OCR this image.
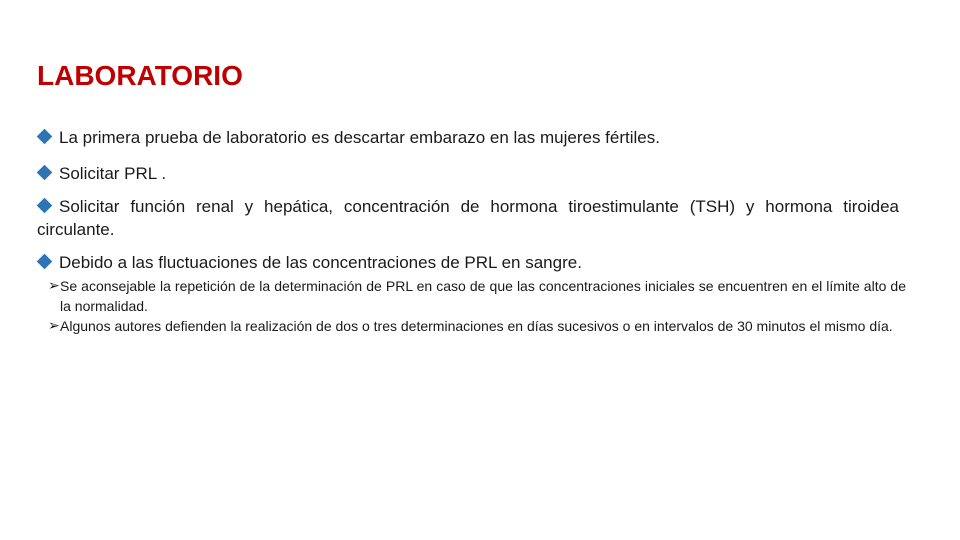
LABORATORIO
La primera prueba de laboratorio es descartar embarazo en las mujeres fértiles.
Solicitar PRL .
Solicitar función renal y hepática, concentración de hormona tiroestimulante (TSH) y hormona tiroidea circulante.
Debido a las fluctuaciones de las concentraciones de PRL en sangre.
➢ Se aconsejable la repetición de la determinación de PRL en caso de que las concentraciones iniciales se encuentren en el límite alto de la normalidad.
➢ Algunos autores defienden la realización de dos o tres determinaciones en días sucesivos o en intervalos de 30 minutos el mismo día.
